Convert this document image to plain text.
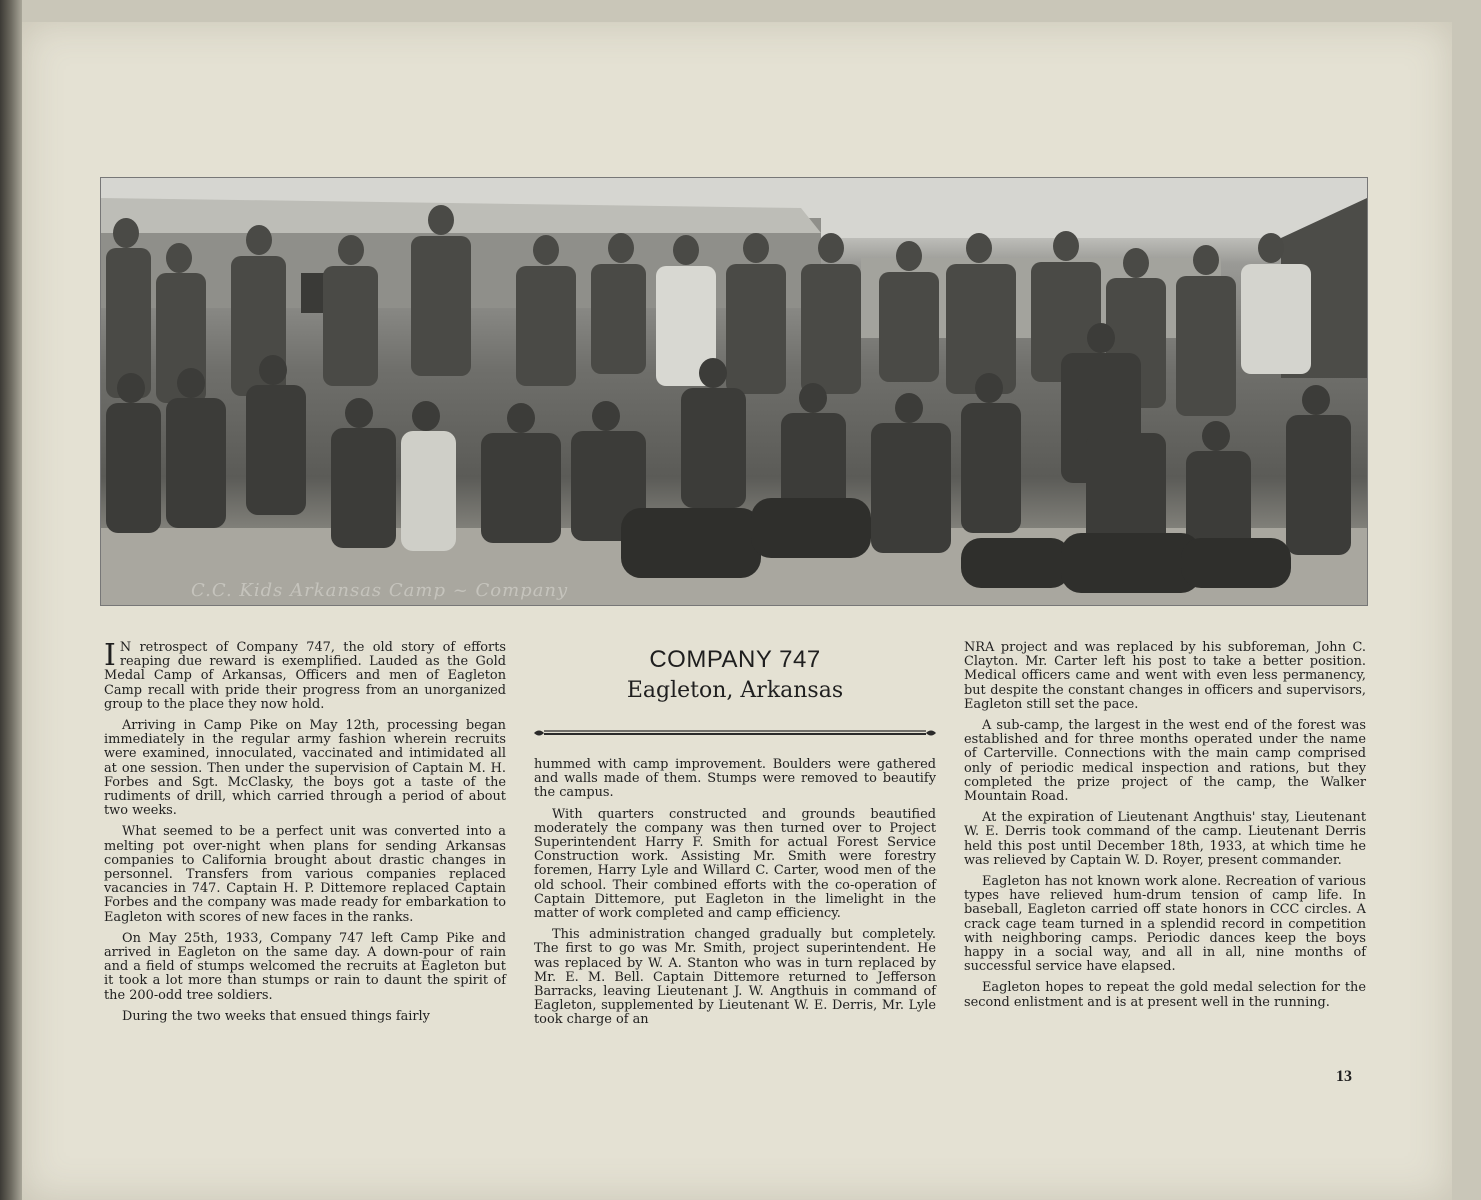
C.C. Kids Arkansas Camp ~ Company

I N retrospect of Company 747, the old story of efforts reaping due reward is exemplified. Lauded as the Gold Medal Camp of Arkansas, Officers and men of Eagleton Camp recall with pride their progress from an unorganized group to the place they now hold.

Arriving in Camp Pike on May 12th, processing began immediately in the regular army fashion wherein recruits were examined, innoculated, vaccinated and intimidated all at one session. Then under the supervision of Captain M. H. Forbes and Sgt. McClasky, the boys got a taste of the rudiments of drill, which carried through a period of about two weeks.

What seemed to be a perfect unit was converted into a melting pot over-night when plans for sending Arkansas companies to California brought about drastic changes in personnel. Transfers from various companies replaced vacancies in 747. Captain H. P. Dittemore replaced Captain Forbes and the company was made ready for embarkation to Eagleton with scores of new faces in the ranks.

On May 25th, 1933, Company 747 left Camp Pike and arrived in Eagleton on the same day. A down-pour of rain and a field of stumps welcomed the recruits at Eagleton but it took a lot more than stumps or rain to daunt the spirit of the 200-odd tree soldiers.

During the two weeks that ensued things fairly

COMPANY 747
Eagleton, Arkansas

hummed with camp improvement. Boulders were gathered and walls made of them. Stumps were removed to beautify the campus.

With quarters constructed and grounds beautified moderately the company was then turned over to Project Superintendent Harry F. Smith for actual Forest Service Construction work. Assisting Mr. Smith were forestry foremen, Harry Lyle and Willard C. Carter, wood men of the old school. Their combined efforts with the co-operation of Captain Dittemore, put Eagleton in the limelight in the matter of work completed and camp efficiency.

This administration changed gradually but completely. The first to go was Mr. Smith, project superintendent. He was replaced by W. A. Stanton who was in turn replaced by Mr. E. M. Bell. Captain Dittemore returned to Jefferson Barracks, leaving Lieutenant J. W. Angthuis in command of Eagleton, supplemented by Lieutenant W. E. Derris, Mr. Lyle took charge of an

NRA project and was replaced by his subforeman, John C. Clayton. Mr. Carter left his post to take a better position. Medical officers came and went with even less permanency, but despite the constant changes in officers and supervisors, Eagleton still set the pace.

A sub-camp, the largest in the west end of the forest was established and for three months operated under the name of Carterville. Connections with the main camp comprised only of periodic medical inspection and rations, but they completed the prize project of the camp, the Walker Mountain Road.

At the expiration of Lieutenant Angthuis' stay, Lieutenant W. E. Derris took command of the camp. Lieutenant Derris held this post until December 18th, 1933, at which time he was relieved by Captain W. D. Royer, present commander.

Eagleton has not known work alone. Recreation of various types have relieved hum-drum tension of camp life. In baseball, Eagleton carried off state honors in CCC circles. A crack cage team turned in a splendid record in competition with neighboring camps. Periodic dances keep the boys happy in a social way, and all in all, nine months of successful service have elapsed.

Eagleton hopes to repeat the gold medal selection for the second enlistment and is at present well in the running.

13
